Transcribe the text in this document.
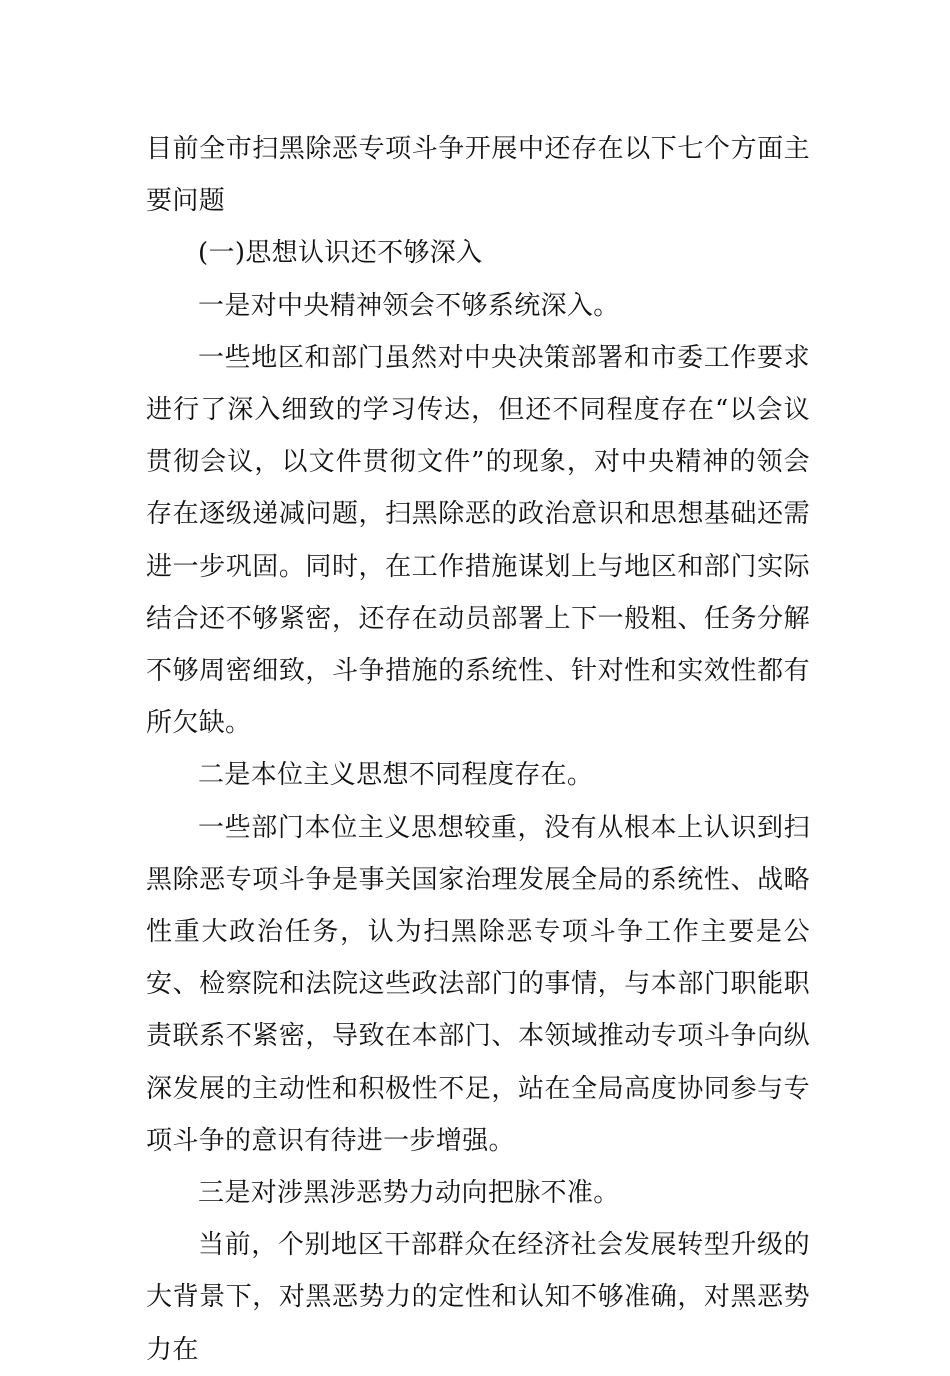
目前全市扫黑除恶专项斗争开展中还存在以下七个方面主要问题

(一)思想认识还不够深入

一是对中央精神领会不够系统深入。

一些地区和部门虽然对中央决策部署和市委工作要求进行了深入细致的学习传达，但还不同程度存在“以会议贯彻会议，以文件贯彻文件”的现象，对中央精神的领会存在逐级递减问题，扫黑除恶的政治意识和思想基础还需进一步巩固。同时，在工作措施谋划上与地区和部门实际结合还不够紧密，还存在动员部署上下一般粗、任务分解不够周密细致，斗争措施的系统性、针对性和实效性都有所欠缺。

二是本位主义思想不同程度存在。

一些部门本位主义思想较重，没有从根本上认识到扫黑除恶专项斗争是事关国家治理发展全局的系统性、战略性重大政治任务，认为扫黑除恶专项斗争工作主要是公安、检察院和法院这些政法部门的事情，与本部门职能职责联系不紧密，导致在本部门、本领域推动专项斗争向纵深发展的主动性和积极性不足，站在全局高度协同参与专项斗争的意识有待进一步增强。

三是对涉黑涉恶势力动向把脉不准。

当前，个别地区干部群众在经济社会发展转型升级的大背景下，对黑恶势力的定性和认知不够准确，对黑恶势力在
